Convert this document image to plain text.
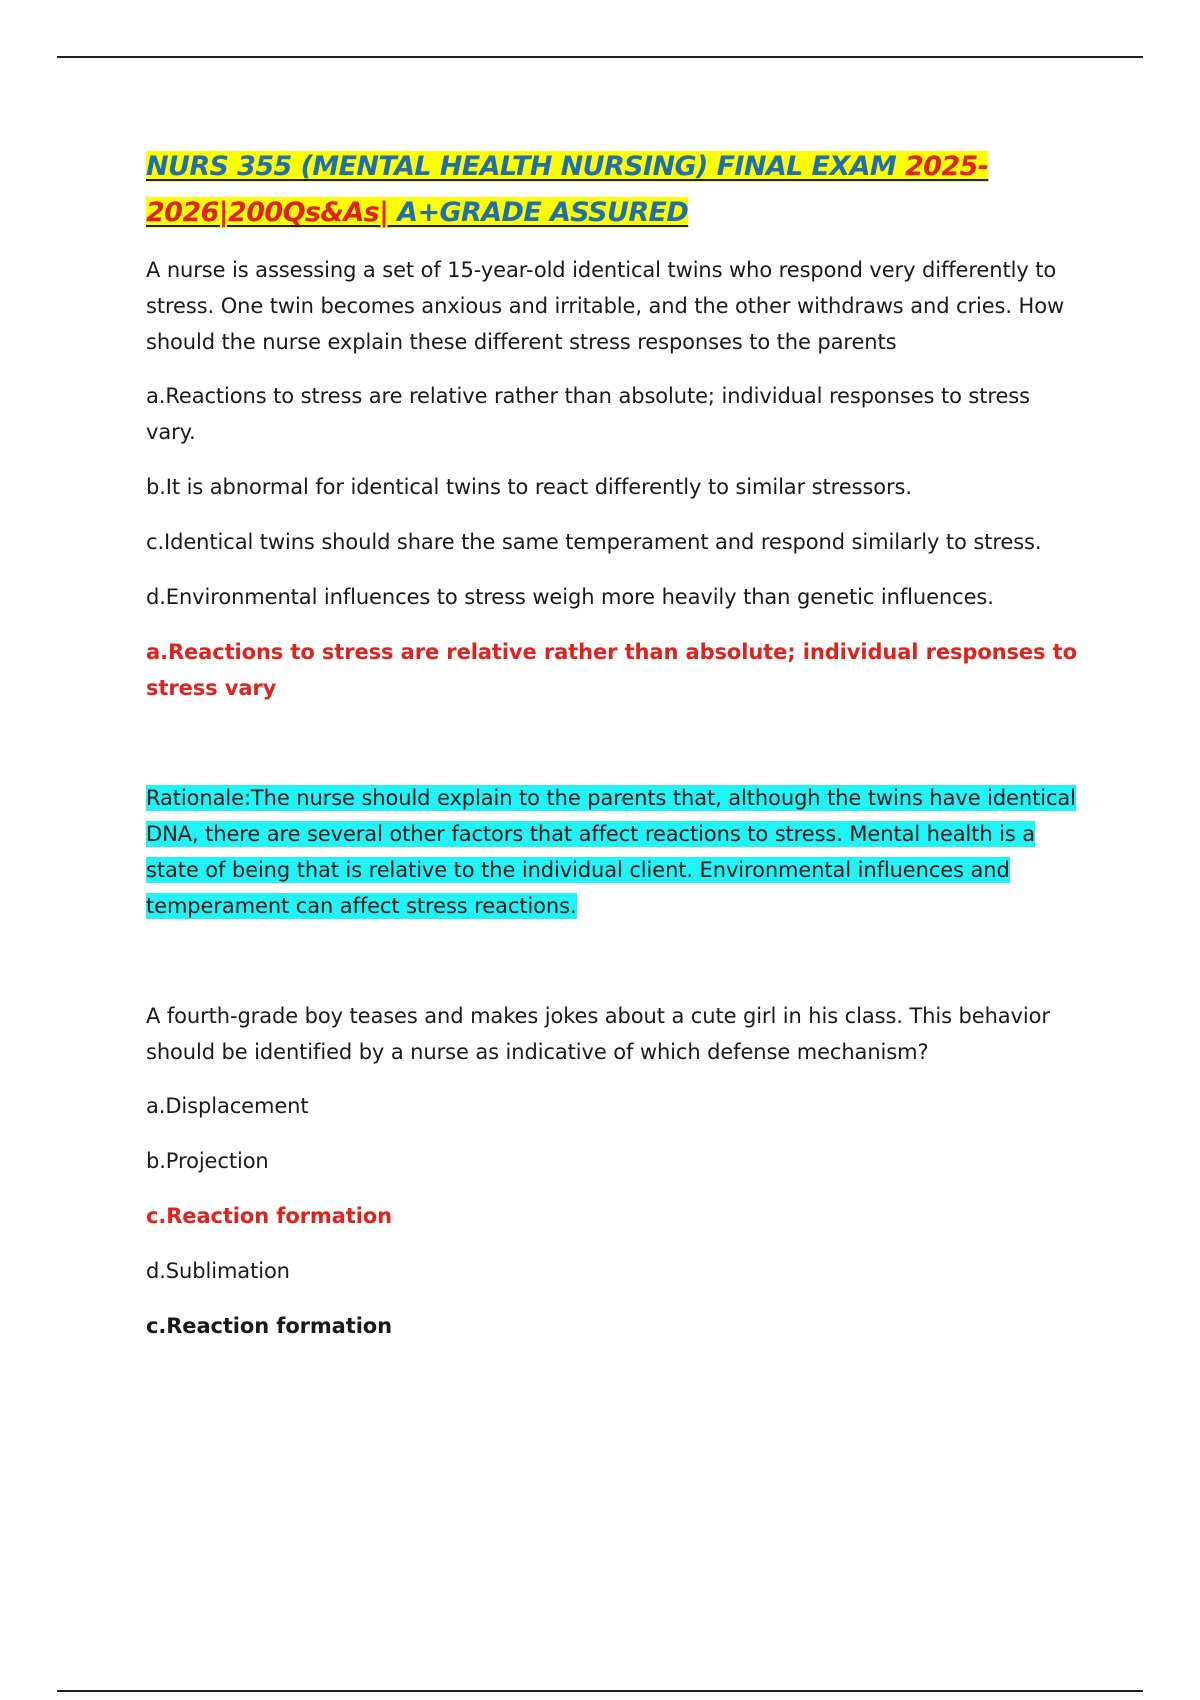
NURS 355 (MENTAL HEALTH NURSING) FINAL EXAM 2025-2026|200Qs&As| A+GRADE ASSURED

A nurse is assessing a set of 15-year-old identical twins who respond very differently to stress. One twin becomes anxious and irritable, and the other withdraws and cries. How should the nurse explain these different stress responses to the parents

a.Reactions to stress are relative rather than absolute; individual responses to stress vary.

b.It is abnormal for identical twins to react differently to similar stressors.

c.Identical twins should share the same temperament and respond similarly to stress.

d.Environmental influences to stress weigh more heavily than genetic influences.

a.Reactions to stress are relative rather than absolute; individual responses to stress vary

Rationale:The nurse should explain to the parents that, although the twins have identical DNA, there are several other factors that affect reactions to stress. Mental health is a state of being that is relative to the individual client. Environmental influences and temperament can affect stress reactions.

A fourth-grade boy teases and makes jokes about a cute girl in his class. This behavior should be identified by a nurse as indicative of which defense mechanism?

a.Displacement

b.Projection

c.Reaction formation

d.Sublimation

c.Reaction formation
